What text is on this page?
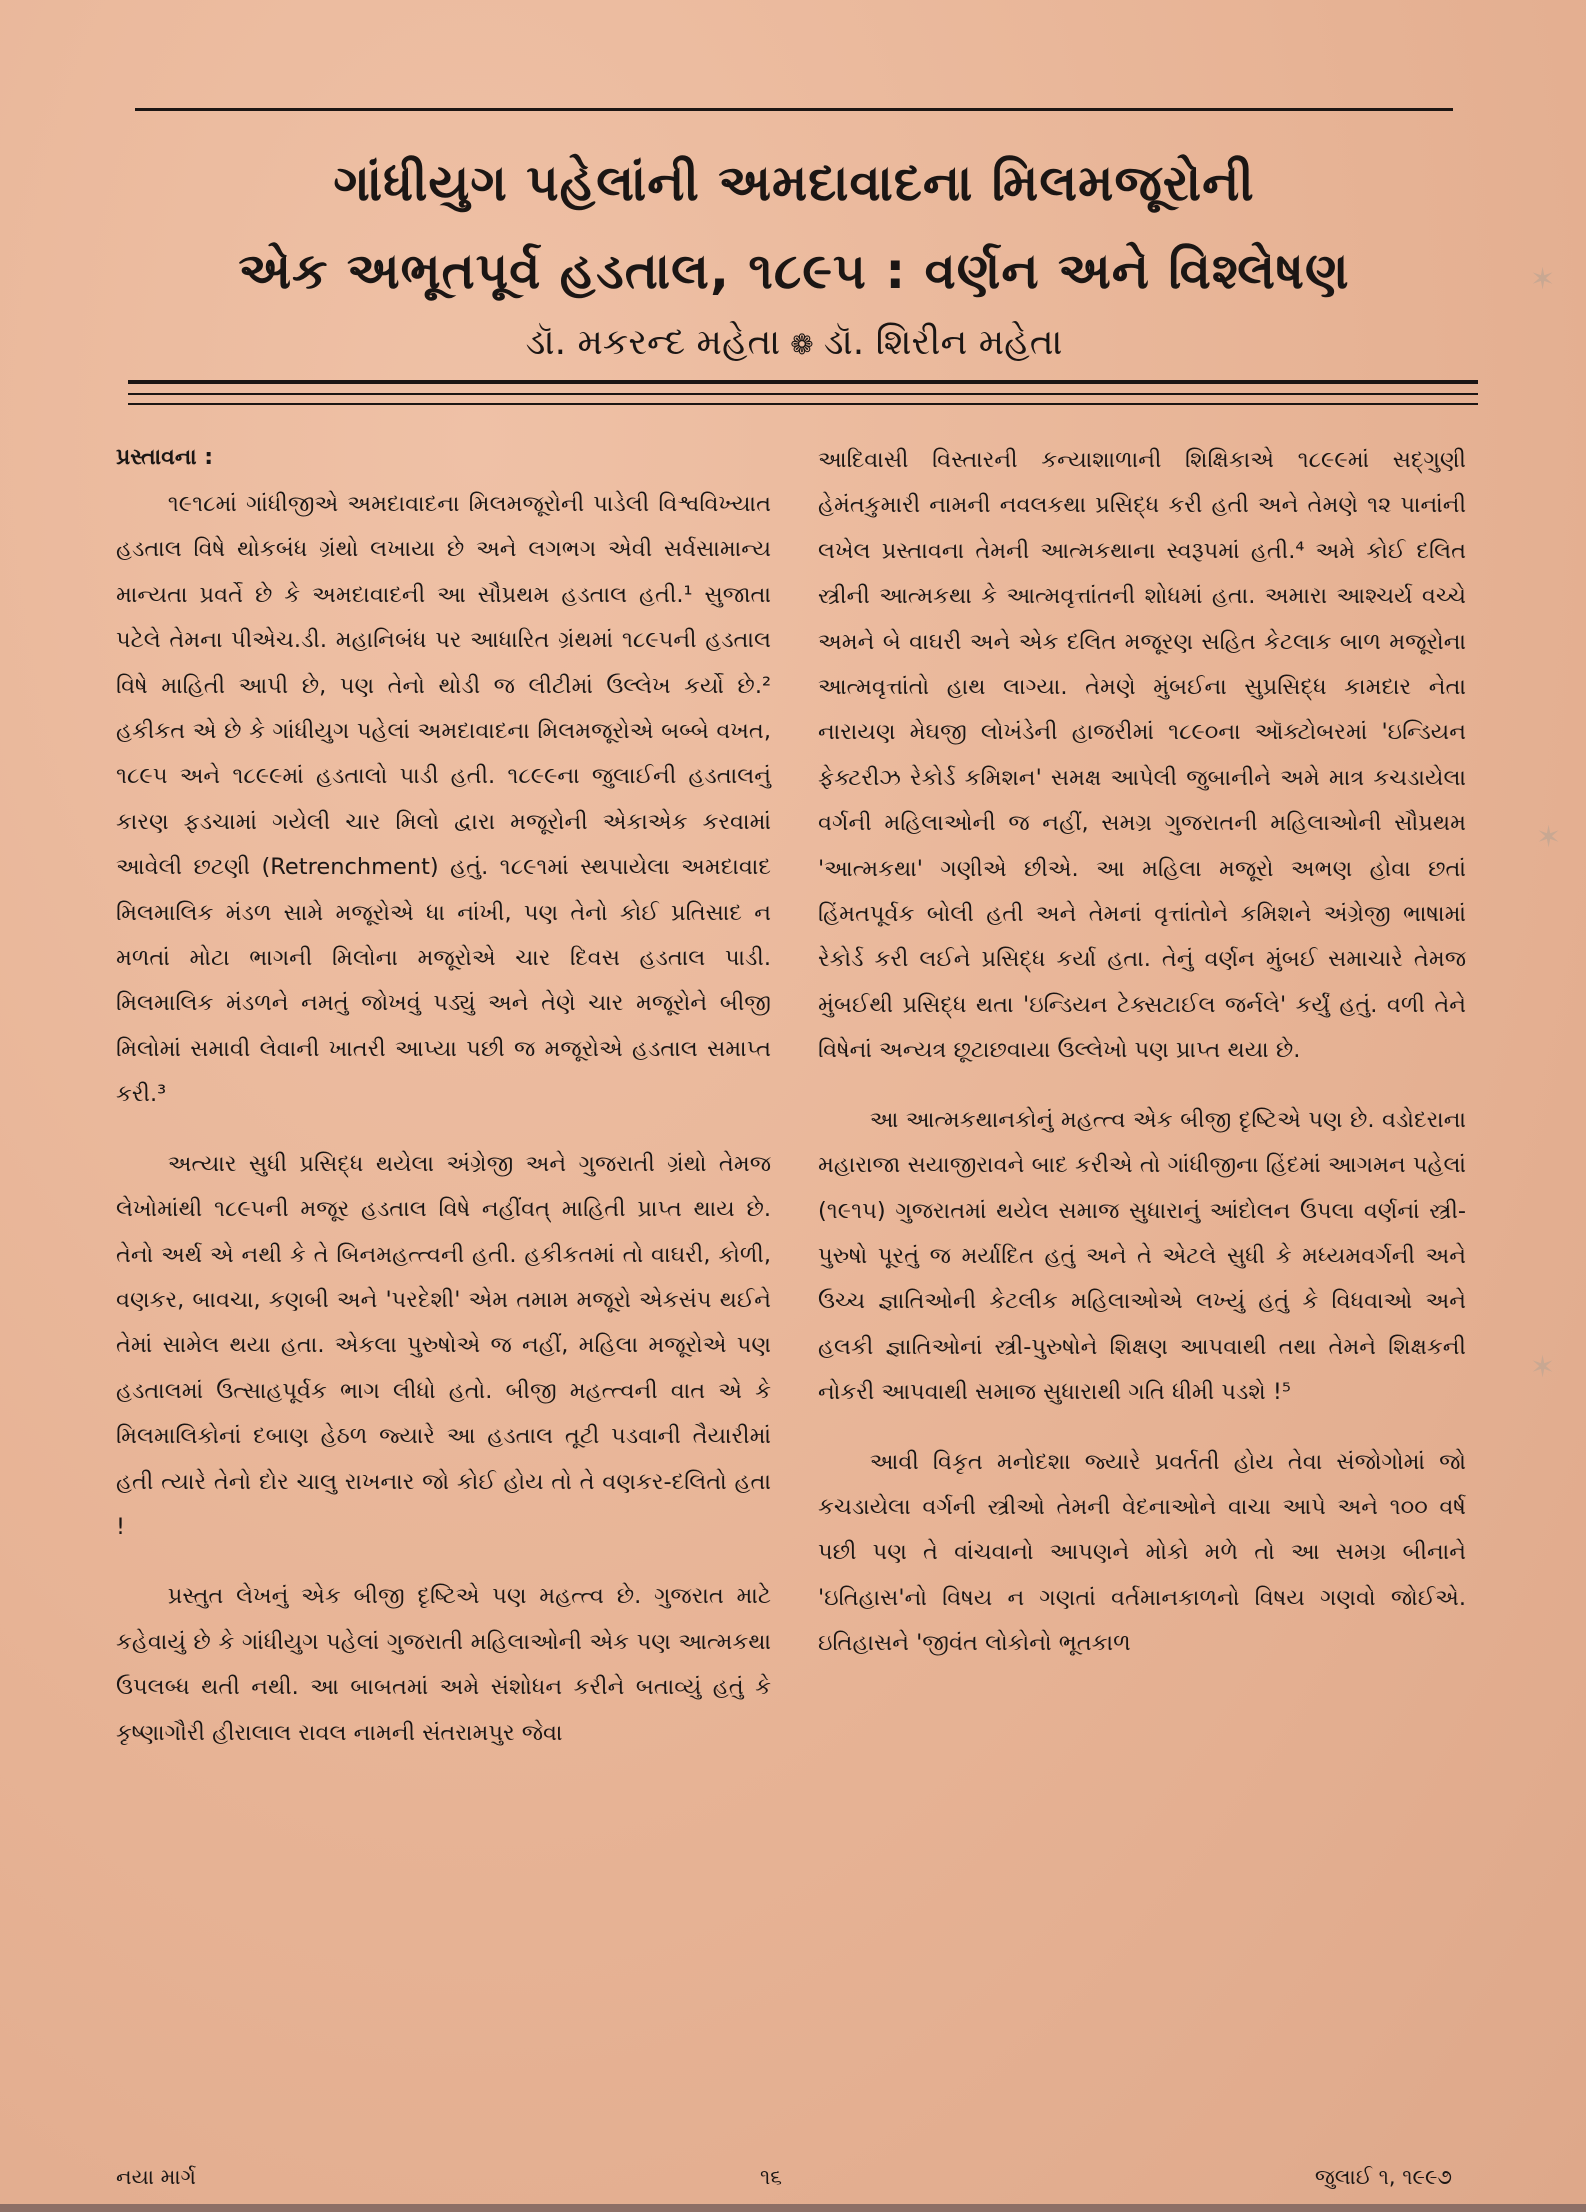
ગાંધીયુગ પહેલાંની અમદાવાદના મિલમજૂરોની
એક અભૂતપૂર્વ હડતાલ, ૧૮૯૫ : વર્ણન અને વિશ્લેષણ
ડૉ. મકરન્દ મહેતા ❁ ડૉ. શિરીન મહેતા
પ્રસ્તાવના :

૧૯૧૮માં ગાંધીજીએ અમદાવાદના મિલમજૂરોની પાડેલી વિશ્વવિખ્યાત હડતાલ વિષે થોકબંધ ગ્રંથો લખાયા છે અને લગભગ એવી સર્વસામાન્ય માન્યતા પ્રવર્તે છે કે અમદાવાદની આ સૌપ્રથમ હડતાલ હતી.¹ સુજાતા પટેલે તેમના પીએચ.ડી. મહાનિબંધ પર આધારિત ગ્રંથમાં ૧૮૯૫ની હડતાલ વિષે માહિતી આપી છે, પણ તેનો થોડી જ લીટીમાં ઉલ્લેખ કર્યો છે.² હકીકત એ છે કે ગાંધીયુગ પહેલાં અમદાવાદના મિલમજૂરોએ બબ્બે વખત, ૧૮૯૫ અને ૧૮૯૯માં હડતાલો પાડી હતી. ૧૮૯૯ના જુલાઈની હડતાલનું કારણ ફડચામાં ગયેલી ચાર મિલો દ્વારા મજૂરોની એકાએક કરવામાં આવેલી છટણી (Retrenchment) હતું. ૧૮૯૧માં સ્થપાયેલા અમદાવાદ મિલમાલિક મંડળ સામે મજૂરોએ ધા નાંખી, પણ તેનો કોઈ પ્રતિસાદ ન મળતાં મોટા ભાગની મિલોના મજૂરોએ ચાર દિવસ હડતાલ પાડી. મિલમાલિક મંડળને નમતું જોખવું પડ્યું અને તેણે ચાર મજૂરોને બીજી મિલોમાં સમાવી લેવાની ખાતરી આપ્યા પછી જ મજૂરોએ હડતાલ સમાપ્ત કરી.³

અત્યાર સુધી પ્રસિદ્ધ થયેલા અંગ્રેજી અને ગુજરાતી ગ્રંથો તેમજ લેખોમાંથી ૧૮૯૫ની મજૂર હડતાલ વિષે નહીંવત્ માહિતી પ્રાપ્ત થાય છે. તેનો અર્થ એ નથી કે તે બિનમહત્ત્વની હતી. હકીકતમાં તો વાઘરી, કોળી, વણકર, બાવચા, કણબી અને 'પરદેશી' એમ તમામ મજૂરો એકસંપ થઈને તેમાં સામેલ થયા હતા. એકલા પુરુષોએ જ નહીં, મહિલા મજૂરોએ પણ હડતાલમાં ઉત્સાહપૂર્વક ભાગ લીધો હતો. બીજી મહત્ત્વની વાત એ કે મિલમાલિકોનાં દબાણ હેઠળ જ્યારે આ હડતાલ તૂટી પડવાની તૈયારીમાં હતી ત્યારે તેનો દોર ચાલુ રાખનાર જો કોઈ હોય તો તે વણકર-દલિતો હતા !

પ્રસ્તુત લેખનું એક બીજી દૃષ્ટિએ પણ મહત્ત્વ છે. ગુજરાત માટે કહેવાયું છે કે ગાંધીયુગ પહેલાં ગુજરાતી મહિલાઓની એક પણ આત્મકથા ઉપલબ્ધ થતી નથી. આ બાબતમાં અમે સંશોધન કરીને બતાવ્યું હતું કે કૃષ્ણાગૌરી હીરાલાલ રાવલ નામની સંતરામપુર જેવા

આદિવાસી વિસ્તારની કન્યાશાળાની શિક્ષિકાએ ૧૮૯૯માં સદ્ગુણી હેમંતકુમારી નામની નવલકથા પ્રસિદ્ધ કરી હતી અને તેમણે ૧૨ પાનાંની લખેલ પ્રસ્તાવના તેમની આત્મકથાના સ્વરૂપમાં હતી.⁴ અમે કોઈ દલિત સ્ત્રીની આત્મકથા કે આત્મવૃત્તાંતની શોધમાં હતા. અમારા આશ્ચર્ય વચ્ચે અમને બે વાઘરી અને એક દલિત મજૂરણ સહિત કેટલાક બાળ મજૂરોના આત્મવૃત્તાંતો હાથ લાગ્યા. તેમણે મુંબઈના સુપ્રસિદ્ધ કામદાર નેતા નારાયણ મેઘજી લોખંડેની હાજરીમાં ૧૮૯૦ના ઑક્ટોબરમાં 'ઇન્ડિયન ફેક્ટરીઝ રેકોર્ડ કમિશન' સમક્ષ આપેલી જુબાનીને અમે માત્ર કચડાયેલા વર્ગની મહિલાઓની જ નહીં, સમગ્ર ગુજરાતની મહિલાઓની સૌપ્રથમ 'આત્મકથા' ગણીએ છીએ. આ મહિલા મજૂરો અભણ હોવા છતાં હિંમતપૂર્વક બોલી હતી અને તેમનાં વૃત્તાંતોને કમિશને અંગ્રેજી ભાષામાં રેકોર્ડ કરી લઈને પ્રસિદ્ધ કર્યા હતા. તેનું વર્ણન મુંબઈ સમાચારે તેમજ મુંબઈથી પ્રસિદ્ધ થતા 'ઇન્ડિયન ટેક્સટાઈલ જર્નલે' કર્યું હતું. વળી તેને વિષેનાં અન્યત્ર છૂટાછવાયા ઉલ્લેખો પણ પ્રાપ્ત થયા છે.

આ આત્મકથાનકોનું મહત્ત્વ એક બીજી દૃષ્ટિએ પણ છે. વડોદરાના મહારાજા સયાજીરાવને બાદ કરીએ તો ગાંધીજીના હિંદમાં આગમન પહેલાં (૧૯૧૫) ગુજરાતમાં થયેલ સમાજ સુધારાનું આંદોલન ઉપલા વર્ણનાં સ્ત્રી-પુરુષો પૂરતું જ મર્યાદિત હતું અને તે એટલે સુધી કે મધ્યમવર્ગની અને ઉચ્ચ જ્ઞાતિઓની કેટલીક મહિલાઓએ લખ્યું હતું કે વિધવાઓ અને હલકી જ્ઞાતિઓનાં સ્ત્રી-પુરુષોને શિક્ષણ આપવાથી તથા તેમને શિક્ષકની નોકરી આપવાથી સમાજ સુધારાથી ગતિ ધીમી પડશે !⁵

આવી વિકૃત મનોદશા જ્યારે પ્રવર્તતી હોય તેવા સંજોગોમાં જો કચડાયેલા વર્ગની સ્ત્રીઓ તેમની વેદનાઓને વાચા આપે અને ૧૦૦ વર્ષ પછી પણ તે વાંચવાનો આપણને મોકો મળે તો આ સમગ્ર બીનાને 'ઇતિહાસ'નો વિષય ન ગણતાં વર્તમાનકાળનો વિષય ગણવો જોઈએ. ઇતિહાસને 'જીવંત લોકોનો ભૂતકાળ

✶
✶
✶
નયા માર્ગ	૧૬	જુલાઈ ૧, ૧૯૯૭
